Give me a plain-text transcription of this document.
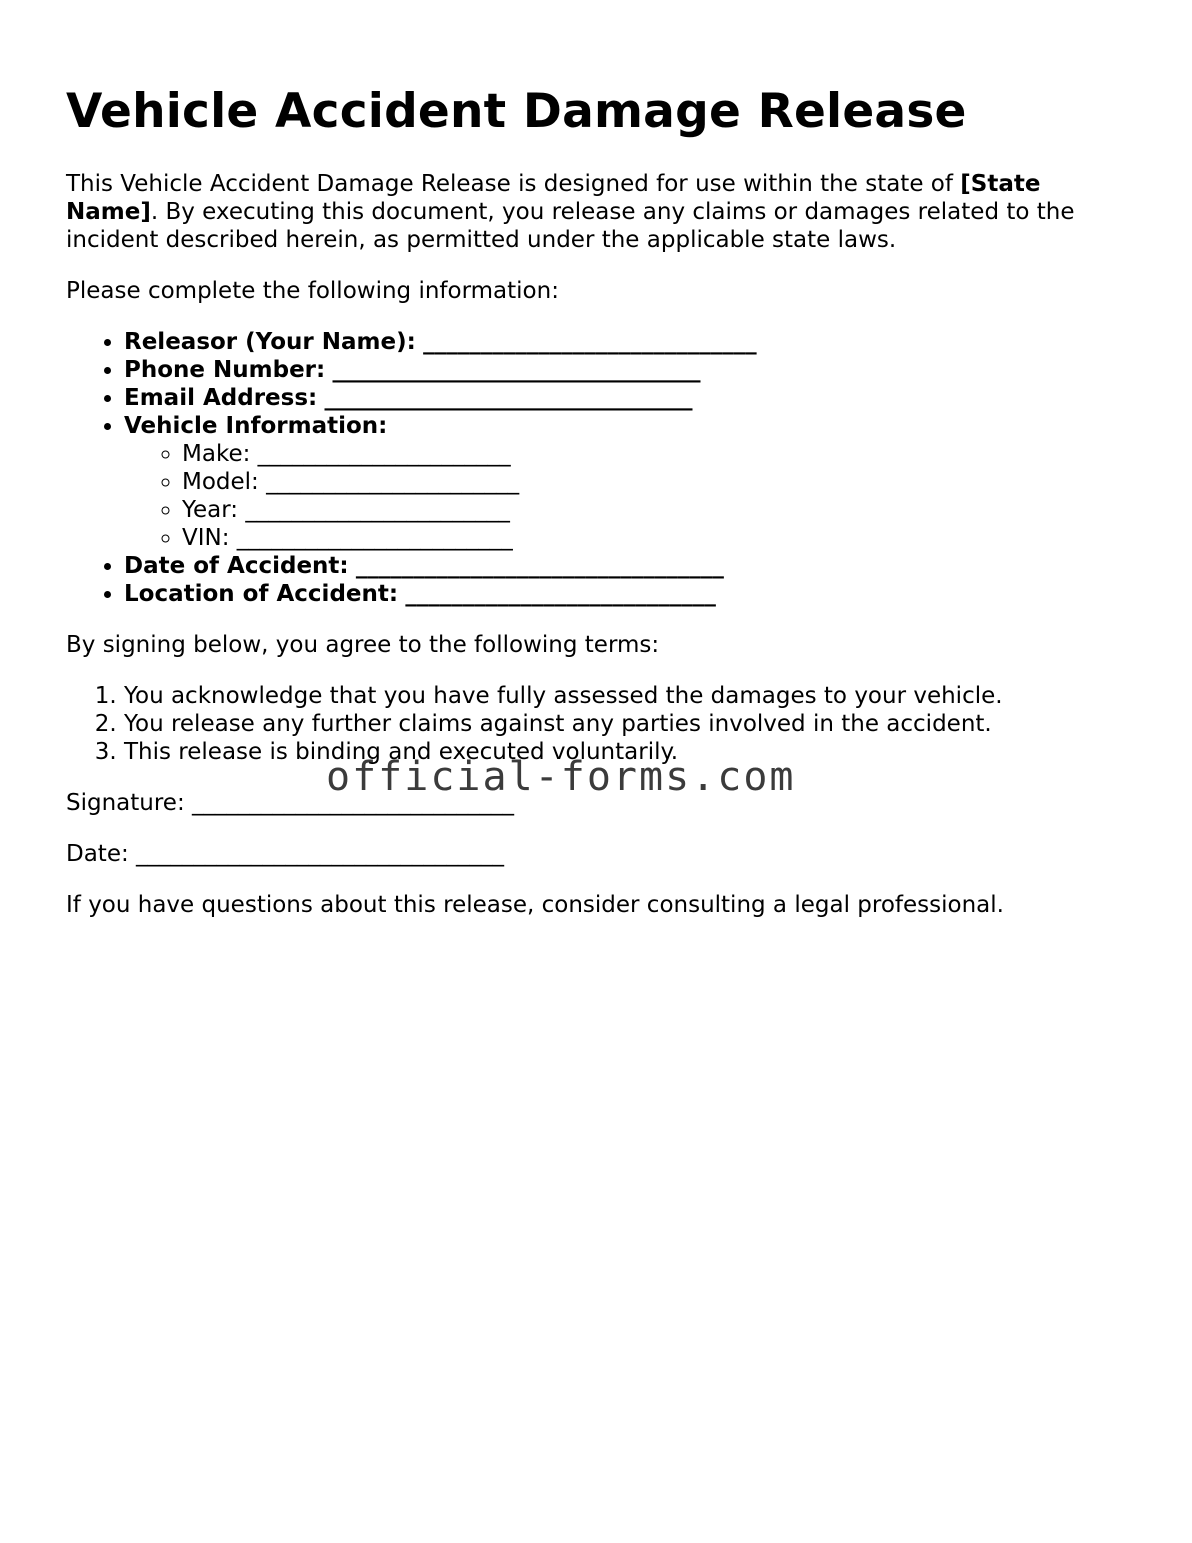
Vehicle Accident Damage Release

This Vehicle Accident Damage Release is designed for use within the state of [State Name]. By executing this document, you release any claims or damages related to the incident described herein, as permitted under the applicable state laws.

Please complete the following information:

• Releasor (Your Name): _____________________________
• Phone Number: ________________________________
• Email Address: ________________________________
• Vehicle Information:
◦ Make: ______________________
◦ Model: ______________________
◦ Year: _______________________
◦ VIN: ________________________
• Date of Accident: ________________________________
• Location of Accident: ___________________________

By signing below, you agree to the following terms:

1. You acknowledge that you have fully assessed the damages to your vehicle.
2. You release any further claims against any parties involved in the accident.
3. This release is binding and executed voluntarily.

Signature: ____________________________

Date: ________________________________

If you have questions about this release, consider consulting a legal professional.

official-forms.com
